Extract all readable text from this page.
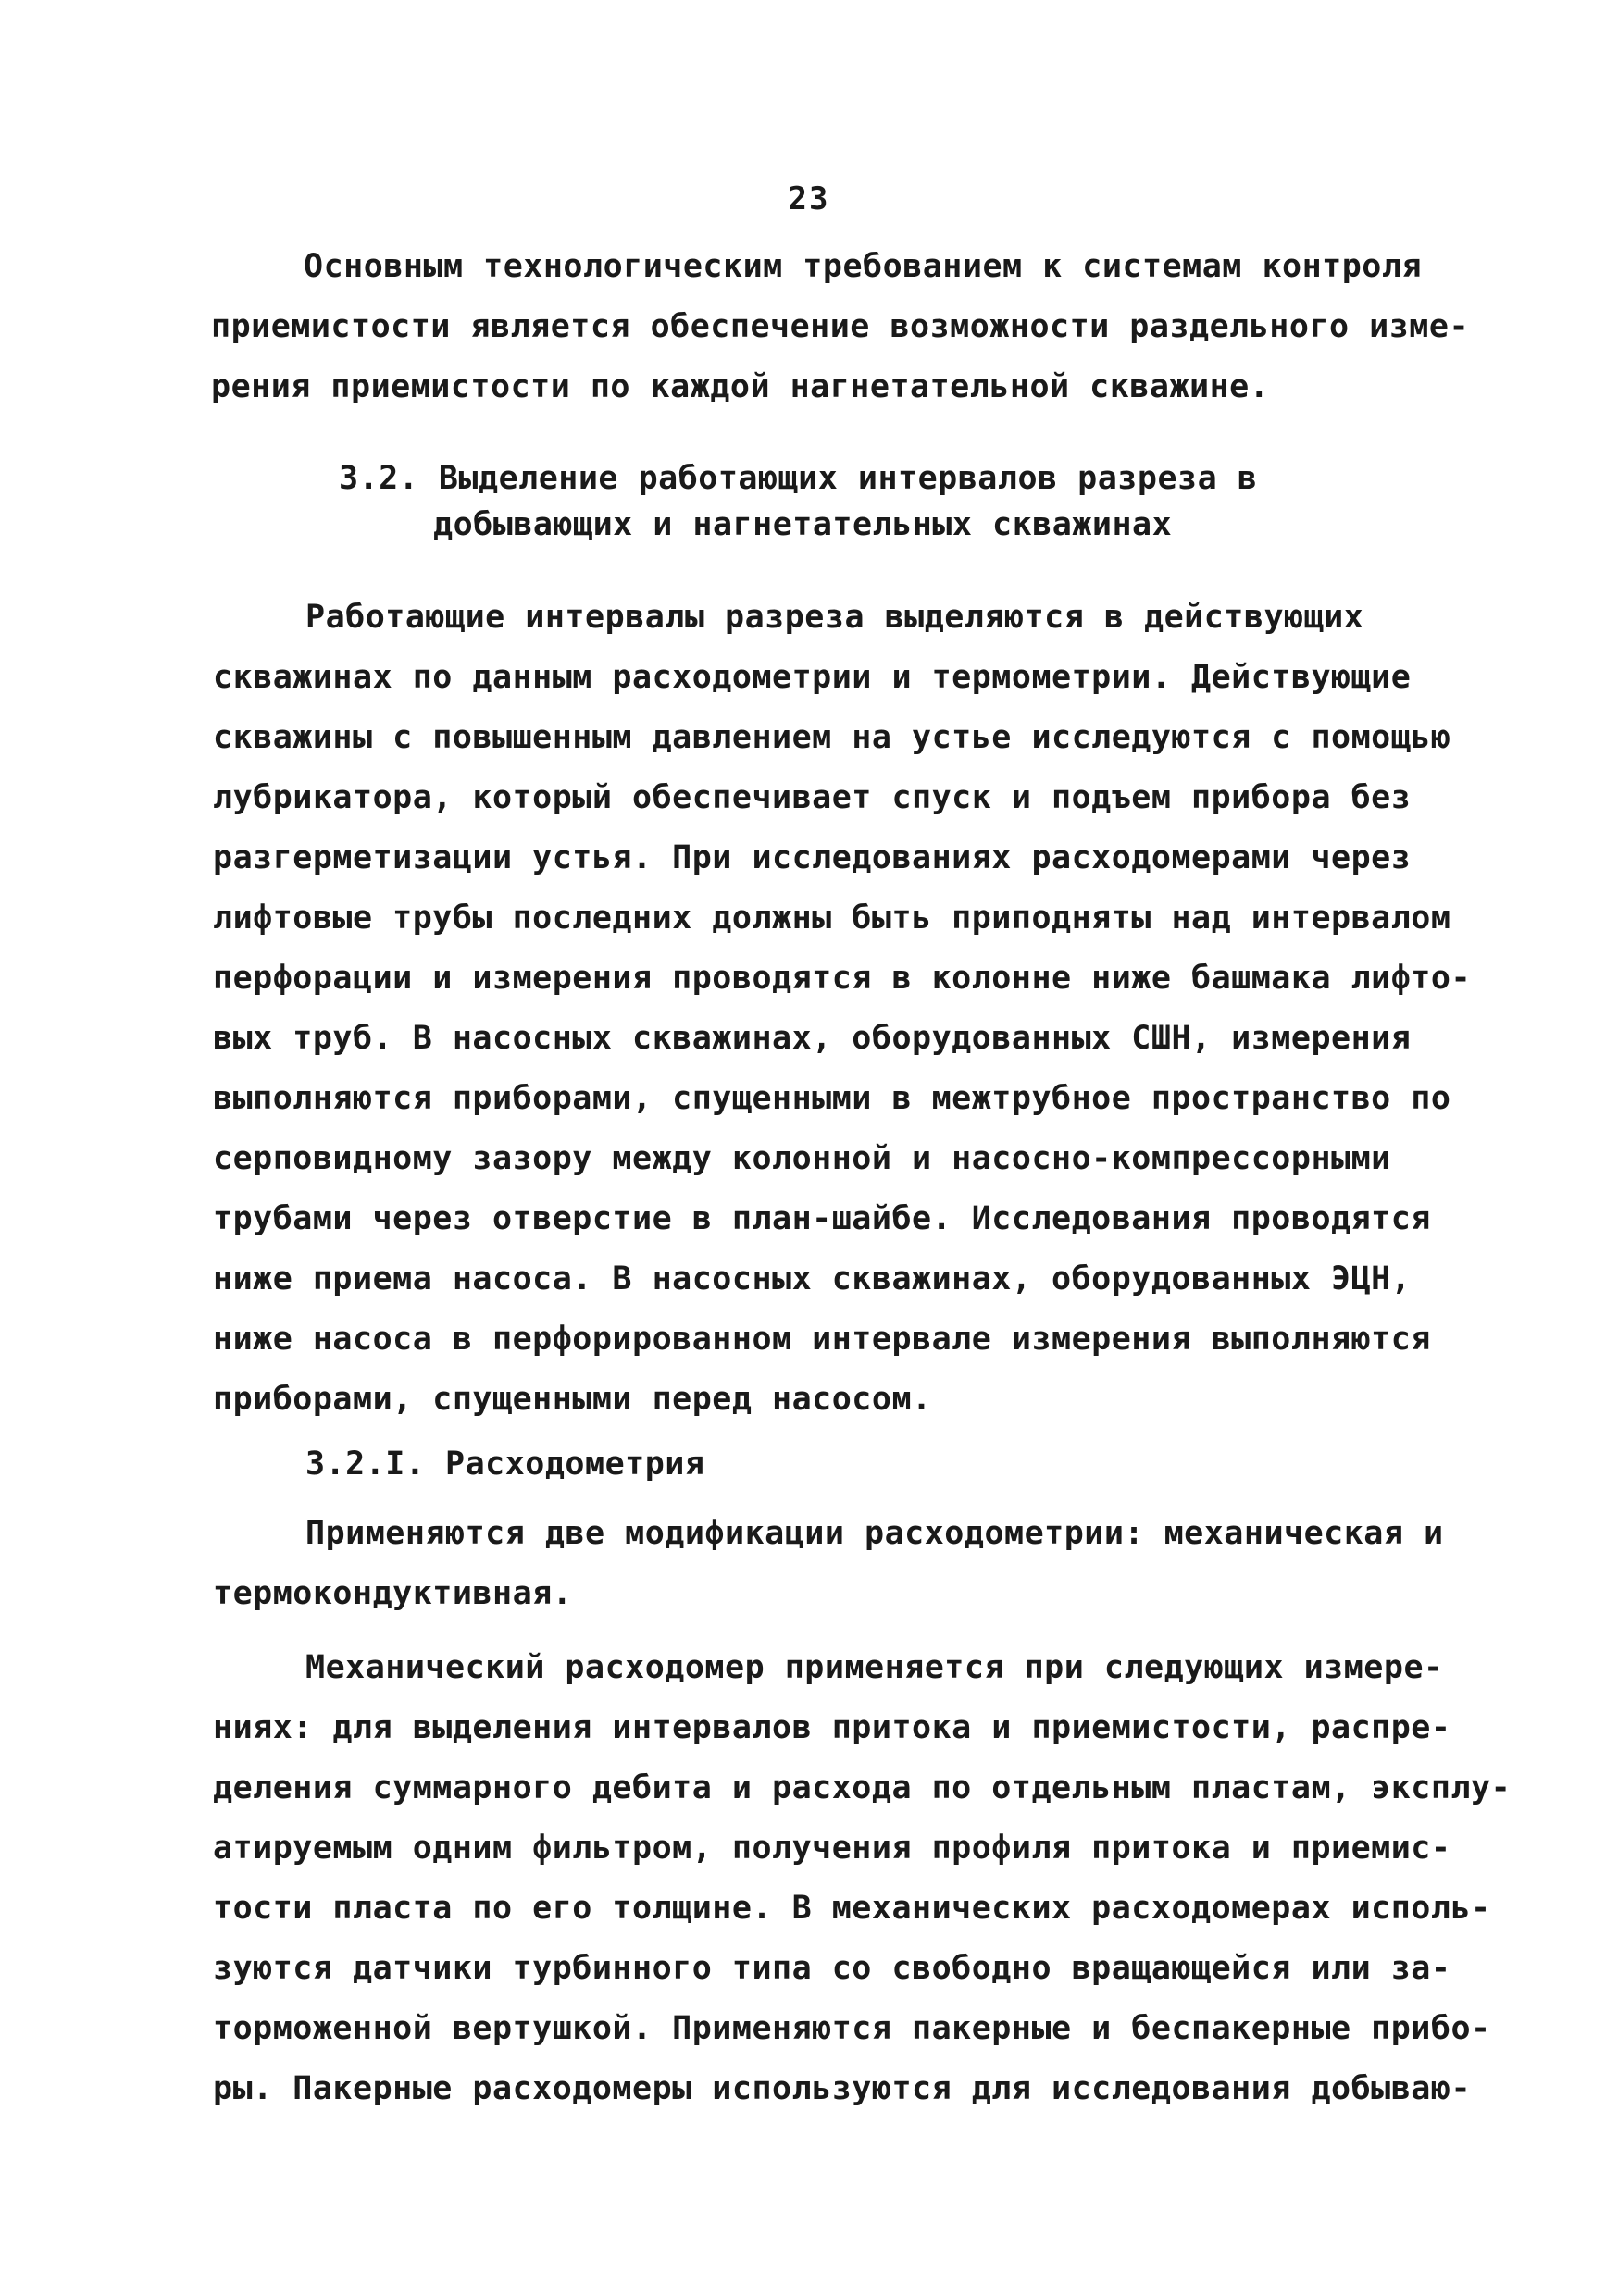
23
Основным технологическим требованием к системам контроля
приемистости является обеспечение возможности раздельного изме-
рения приемистости по каждой нагнетательной скважине.
3.2. Выделение работающих интервалов разреза в
добывающих и нагнетательных скважинах
Работающие интервалы разреза выделяются в действующих
скважинах по данным расходометрии и термометрии. Действующие
скважины с повышенным давлением на устье исследуются с помощью
лубрикатора, который обеспечивает спуск и подъем прибора без
разгерметизации устья. При исследованиях расходомерами через
лифтовые трубы последних должны быть приподняты над интервалом
перфорации и измерения проводятся в колонне ниже башмака лифто-
вых труб. В насосных скважинах, оборудованных СШН, измерения
выполняются приборами, спущенными в межтрубное пространство по
серповидному зазору между колонной и насосно-компрессорными
трубами через отверстие в план-шайбе. Исследования проводятся
ниже приема насоса. В насосных скважинах, оборудованных ЭЦН,
ниже насоса в перфорированном интервале измерения выполняются
приборами, спущенными перед насосом.
3.2.I. Расходометрия
Применяются две модификации расходометрии: механическая и
термокондуктивная.
Механический расходомер применяется при следующих измере-
ниях: для выделения интервалов притока и приемистости, распре-
деления суммарного дебита и расхода по отдельным пластам, эксплу-
атируемым одним фильтром, получения профиля притока и приемис-
тости пласта по его толщине. В механических расходомерах исполь-
зуются датчики турбинного типа со свободно вращающейся или за-
торможенной вертушкой. Применяются пакерные и беспакерные прибо-
ры. Пакерные расходомеры используются для исследования добываю-
